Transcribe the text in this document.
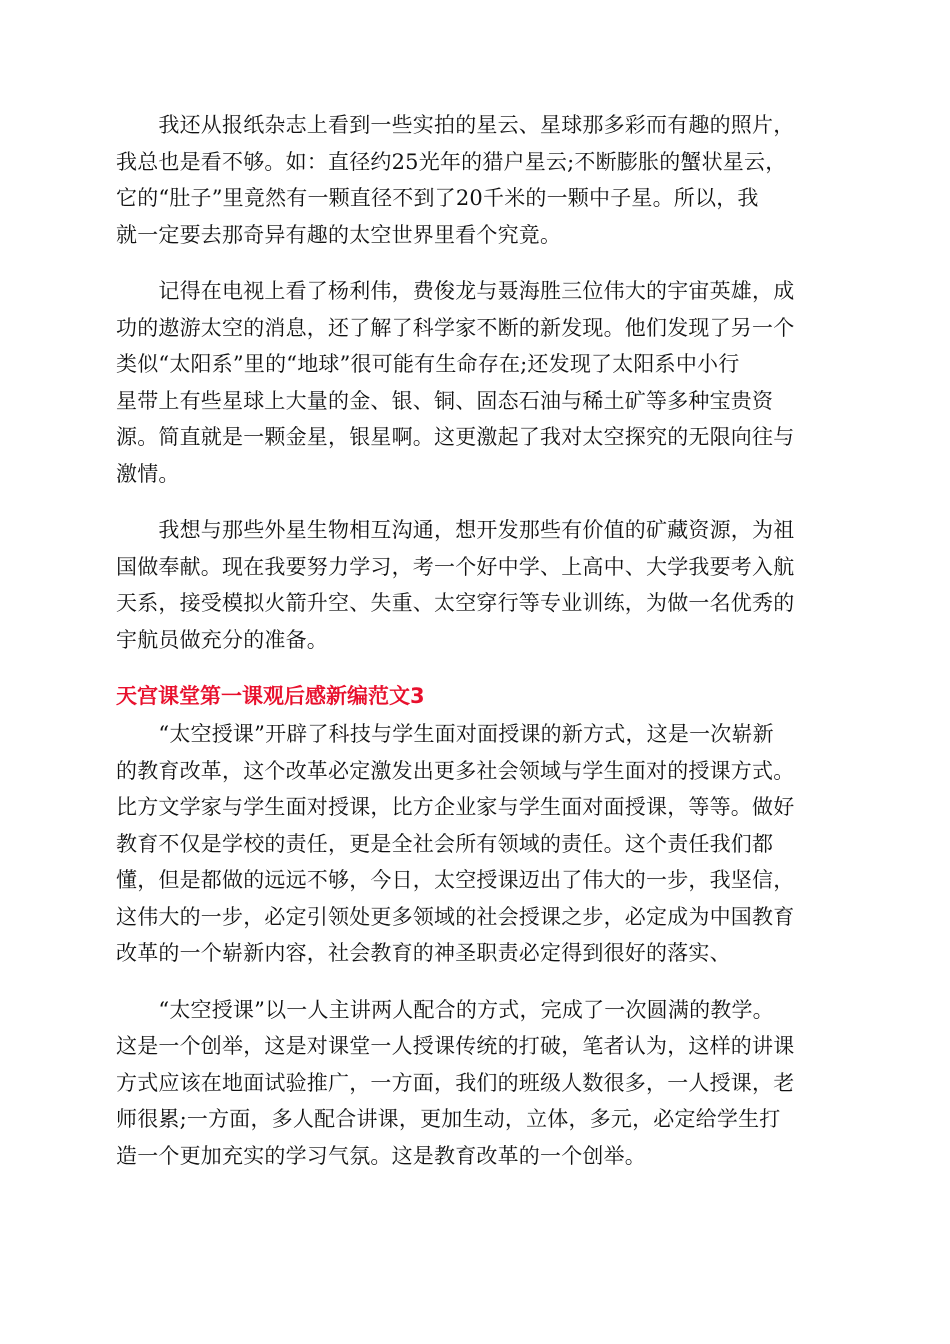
　　我还从报纸杂志上看到一些实拍的星云、星球那多彩而有趣的照片，
我总也是看不够。如：直径约25光年的猎户星云;不断膨胀的蟹状星云，
它的“肚子”里竟然有一颗直径不到了20千米的一颗中子星。所以，我
就一定要去那奇异有趣的太空世界里看个究竟。

　　记得在电视上看了杨利伟，费俊龙与聂海胜三位伟大的宇宙英雄，成
功的遨游太空的消息，还了解了科学家不断的新发现。他们发现了另一个
类似“太阳系”里的“地球”很可能有生命存在;还发现了太阳系中小行
星带上有些星球上大量的金、银、铜、固态石油与稀土矿等多种宝贵资
源。简直就是一颗金星，银星啊。这更激起了我对太空探究的无限向往与
激情。

　　我想与那些外星生物相互沟通，想开发那些有价值的矿藏资源，为祖
国做奉献。现在我要努力学习，考一个好中学、上高中、大学我要考入航
天系，接受模拟火箭升空、失重、太空穿行等专业训练，为做一名优秀的
宇航员做充分的准备。

天宫课堂第一课观后感新编范文3

　　“太空授课”开辟了科技与学生面对面授课的新方式，这是一次崭新
的教育改革，这个改革必定激发出更多社会领域与学生面对的授课方式。
比方文学家与学生面对授课，比方企业家与学生面对面授课，等等。做好
教育不仅是学校的责任，更是全社会所有领域的责任。这个责任我们都
懂，但是都做的远远不够，今日，太空授课迈出了伟大的一步，我坚信，
这伟大的一步，必定引领处更多领域的社会授课之步，必定成为中国教育
改革的一个崭新内容，社会教育的神圣职责必定得到很好的落实、

　　“太空授课”以一人主讲两人配合的方式，完成了一次圆满的教学。
这是一个创举，这是对课堂一人授课传统的打破，笔者认为，这样的讲课
方式应该在地面试验推广，一方面，我们的班级人数很多，一人授课，老
师很累;一方面，多人配合讲课，更加生动，立体，多元，必定给学生打
造一个更加充实的学习气氛。这是教育改革的一个创举。
